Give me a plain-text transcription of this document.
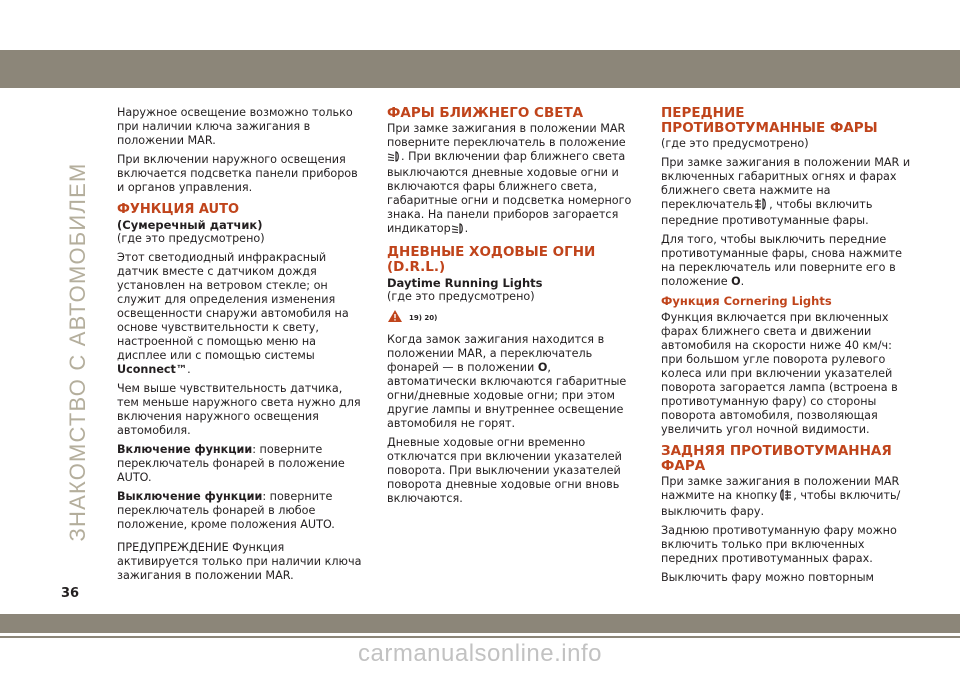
ЗНАКОМСТВО С АВТОМОБИЛЕМ

Наружное освещение возможно только при наличии ключа зажигания в положении MAR.

При включении наружного освещения включается подсветка панели приборов и органов управления.

ФУНКЦИЯ AUTO
(Сумеречный датчик)

(где это предусмотрено)

Этот светодиодный инфракрасный датчик вместе с датчиком дождя установлен на ветровом стекле; он служит для определения изменения освещенности снаружи автомобиля на основе чувствительности к свету, настроенной с помощью меню на дисплее или с помощью системы Uconnect™.

Чем выше чувствительность датчика, тем меньше наружного света нужно для включения наружного освещения автомобиля.

Включение функции: поверните переключатель фонарей в положение AUTO.

Выключение функции: поверните переключатель фонарей в любое положение, кроме положения AUTO.

ПРЕДУПРЕЖДЕНИЕ Функция активируется только при наличии ключа зажигания в положении MAR.

ФАРЫ БЛИЖНЕГО СВЕТА

При замке зажигания в положении MAR поверните переключатель в положение
. При включении фар ближнего света выключаются дневные ходовые огни и включаются фары ближнего света, габаритные огни и подсветка номерного знака. На панели приборов загорается индикатор .

ДНЕВНЫЕ ХОДОВЫЕ ОГНИ (D.R.L.)
Daytime Running Lights

(где это предусмотрено)

19) 20)

Когда замок зажигания находится в положении MAR, а переключатель фонарей — в положении O, автоматически включаются габаритные огни/дневные ходовые огни; при этом другие лампы и внутреннее освещение автомобиля не горят.

Дневные ходовые огни временно отключатся при включении указателей поворота. При выключении указателей поворота дневные ходовые огни вновь включаются.

ПЕРЕДНИЕ ПРОТИВОТУМАННЫЕ ФАРЫ

(где это предусмотрено)

При замке зажигания в положении MAR и включенных габаритных огнях и фарах ближнего света нажмите на переключатель , чтобы включить передние противотуманные фары.

Для того, чтобы выключить передние противотуманные фары, снова нажмите на переключатель или поверните его в положение O.

Функция Cornering Lights

Функция включается при включенных фарах ближнего света и движении автомобиля на скорости ниже 40 км/ч: при большом угле поворота рулевого колеса или при включении указателей поворота загорается лампа (встроена в противотуманную фару) со стороны поворота автомобиля, позволяющая увеличить угол ночной видимости.

ЗАДНЯЯ ПРОТИВОТУМАННАЯ ФАРА

При замке зажигания в положении MAR нажмите на кнопку , чтобы включить/выключить фару.

Заднюю противотуманную фару можно включить только при включенных передних противотуманных фарах.

Выключить фару можно повторным

36
carmanualsonline.info
